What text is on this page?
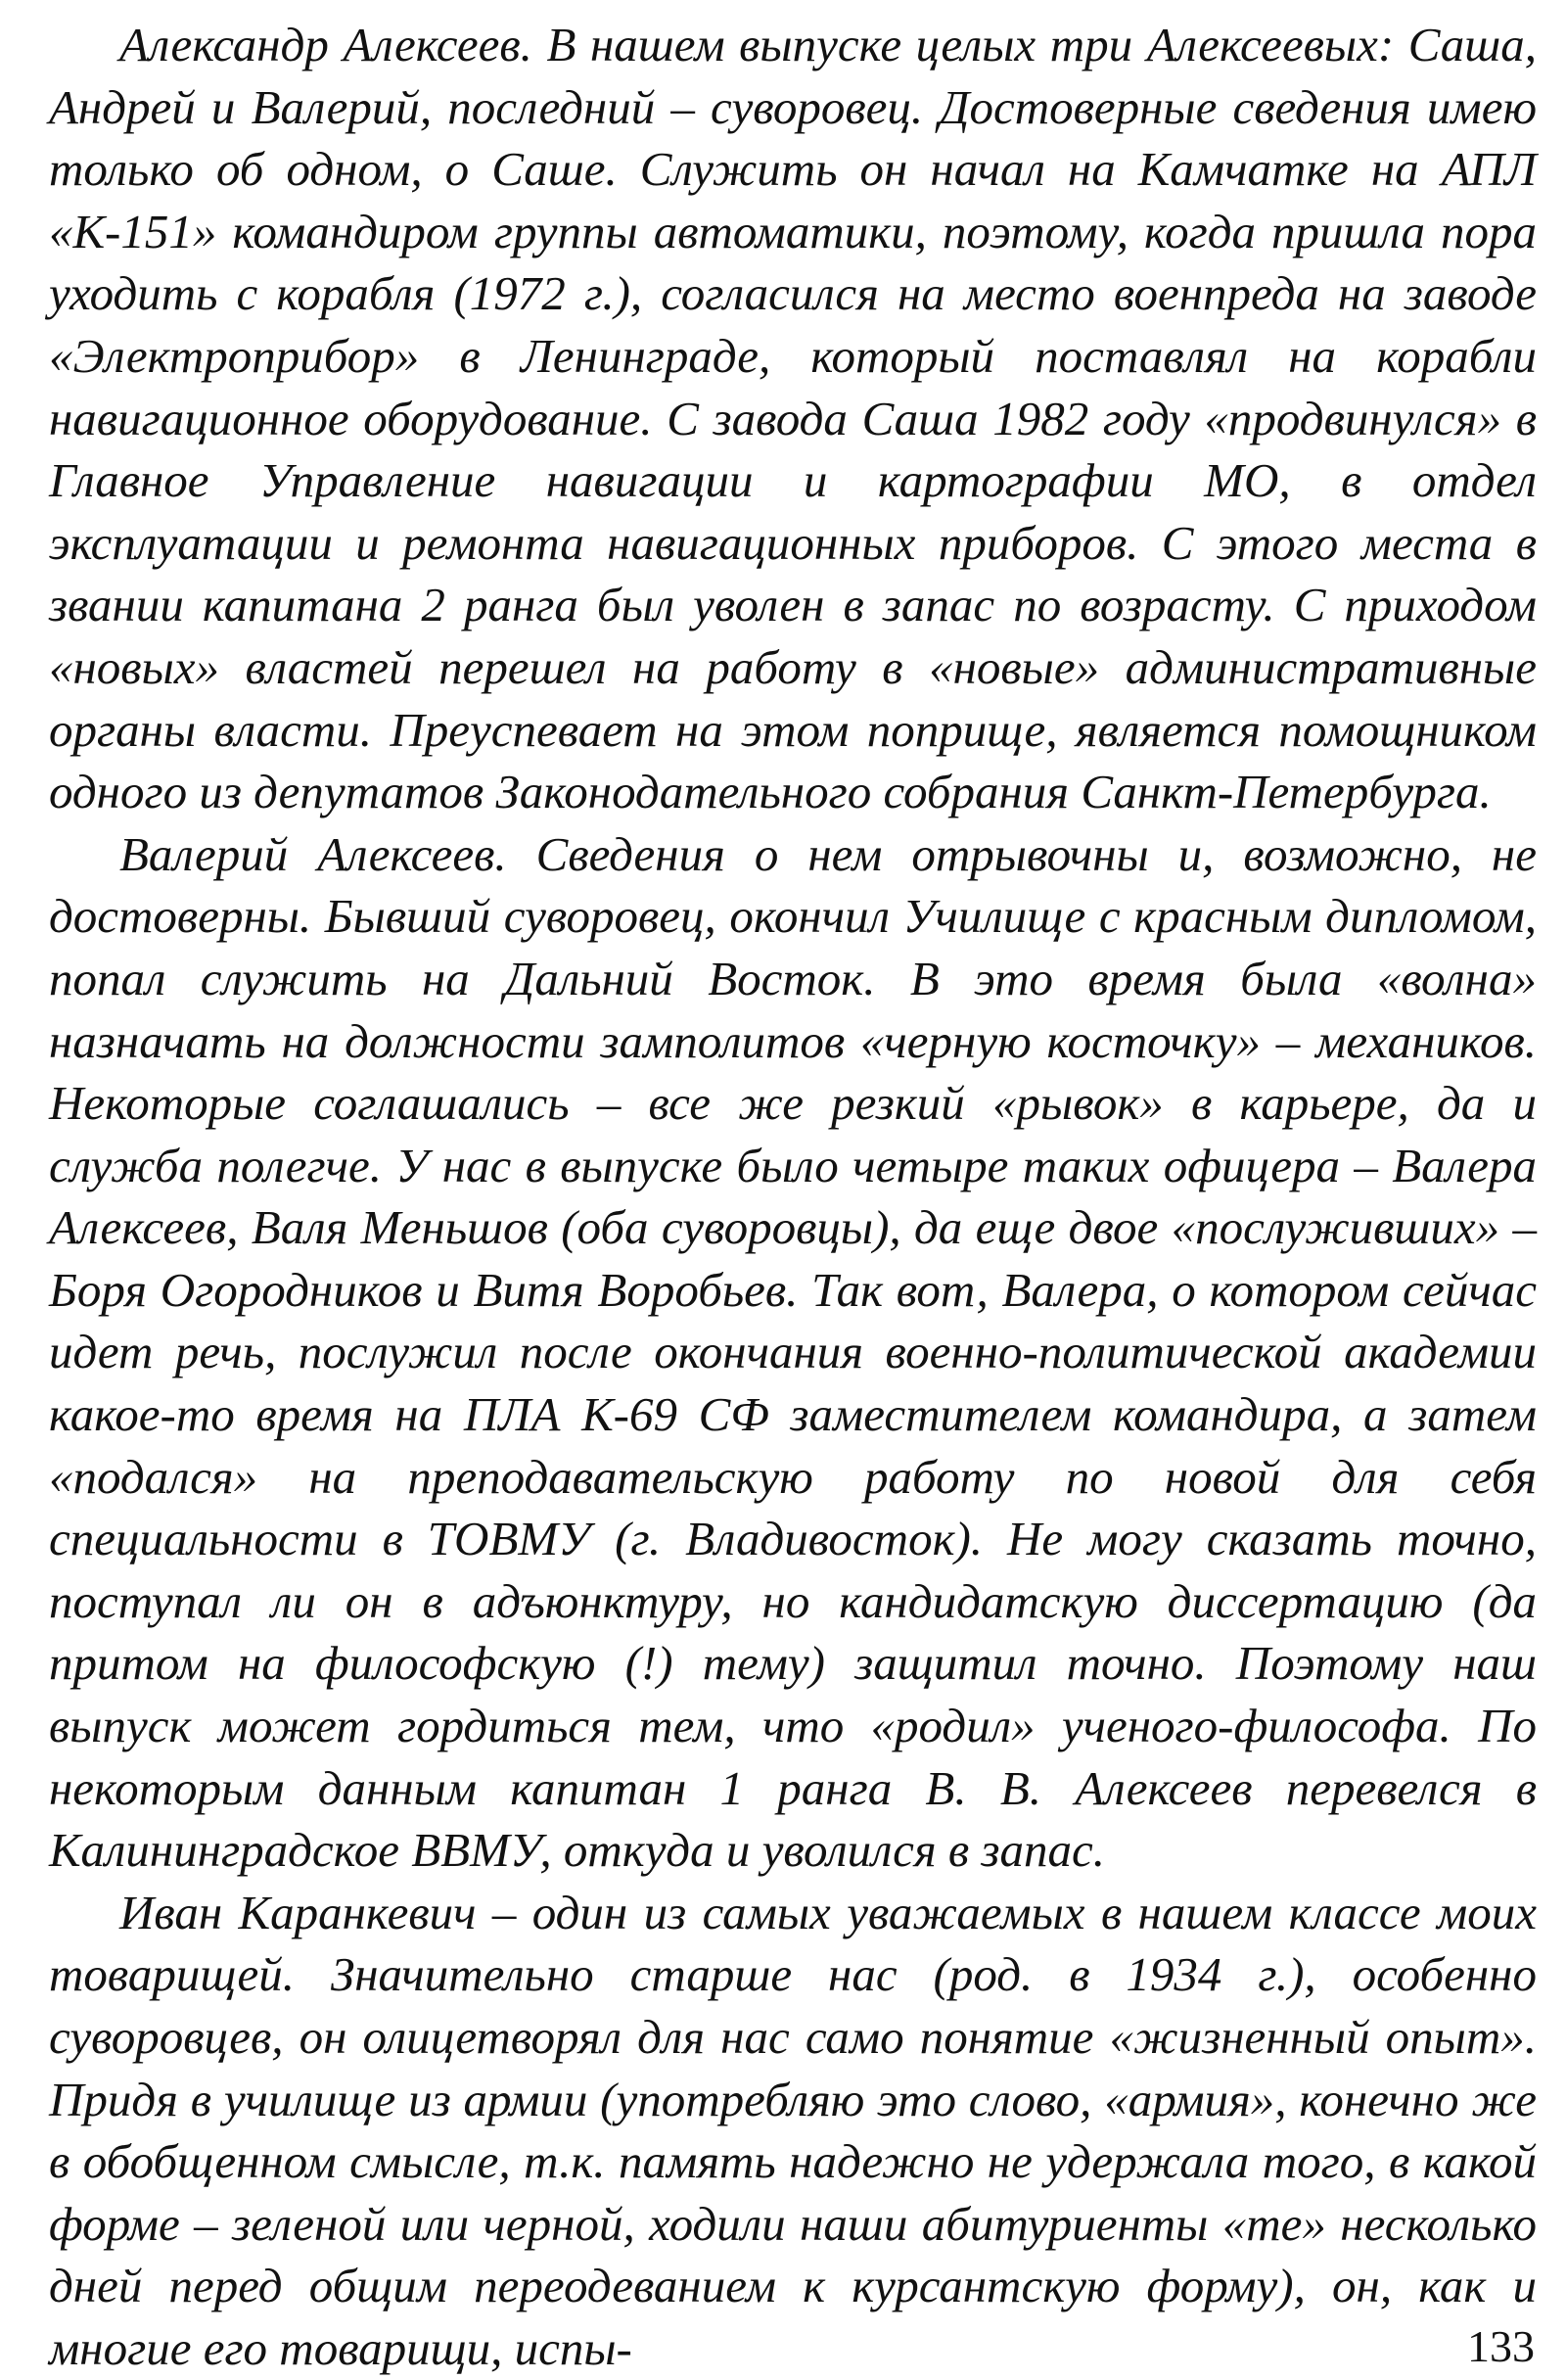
Александр Алексеев. В нашем выпуске целых три Алексеевых: Саша, Андрей и Валерий, последний – суворовец. Достоверные сведения имею только об одном, о Саше. Служить он начал на Камчатке на АПЛ «К-151» командиром группы автоматики, поэтому, когда пришла пора уходить с корабля (1972 г.), согласился на место военпреда на заводе «Электроприбор» в Ленинграде, который поставлял на корабли навигационное оборудование. С завода Саша 1982 году «продвинулся» в Главное Управление навигации и картографии МО, в отдел эксплуатации и ремонта навигационных приборов. С этого места в звании капитана 2 ранга был уволен в запас по возрасту. С приходом «новых» властей перешел на работу в «новые» административные органы власти. Преуспевает на этом поприще, является помощником одного из депутатов Законодательного собрания Санкт-Петербурга.

Валерий Алексеев. Сведения о нем отрывочны и, возможно, не достоверны. Бывший суворовец, окончил Училище с красным дипломом, попал служить на Дальний Восток. В это время была «волна» назначать на должности замполитов «черную косточку» – механиков. Некоторые соглашались – все же резкий «рывок» в карьере, да и служба полегче. У нас в выпуске было четыре таких офицера – Валера Алексеев, Валя Меньшов (оба суворовцы), да еще двое «послуживших» – Боря Огородников и Витя Воробьев. Так вот, Валера, о котором сейчас идет речь, послужил после окончания военно-политической академии какое-то время на ПЛА К-69 СФ заместителем командира, а затем «подался» на преподавательскую работу по новой для себя специальности в ТОВМУ (г. Владивосток). Не могу сказать точно, поступал ли он в адъюнктуру, но кандидатскую диссертацию (да притом на философскую (!) тему) защитил точно. Поэтому наш выпуск может гордиться тем, что «родил» ученого-философа. По некоторым данным капитан 1 ранга В. В. Алексеев перевелся в Калининградское ВВМУ, откуда и уволился в запас.

Иван Каранкевич – один из самых уважаемых в нашем классе моих товарищей. Значительно старше нас (род. в 1934 г.), особенно суворовцев, он олицетворял для нас само понятие «жизненный опыт». Придя в училище из армии (употребляю это слово, «армия», конечно же в обобщенном смысле, т.к. память надежно не удержала того, в какой форме – зеленой или черной, ходили наши абитуриенты «те» несколько дней перед общим переодеванием к курсантскую форму), он, как и многие его товарищи, испы-	133
